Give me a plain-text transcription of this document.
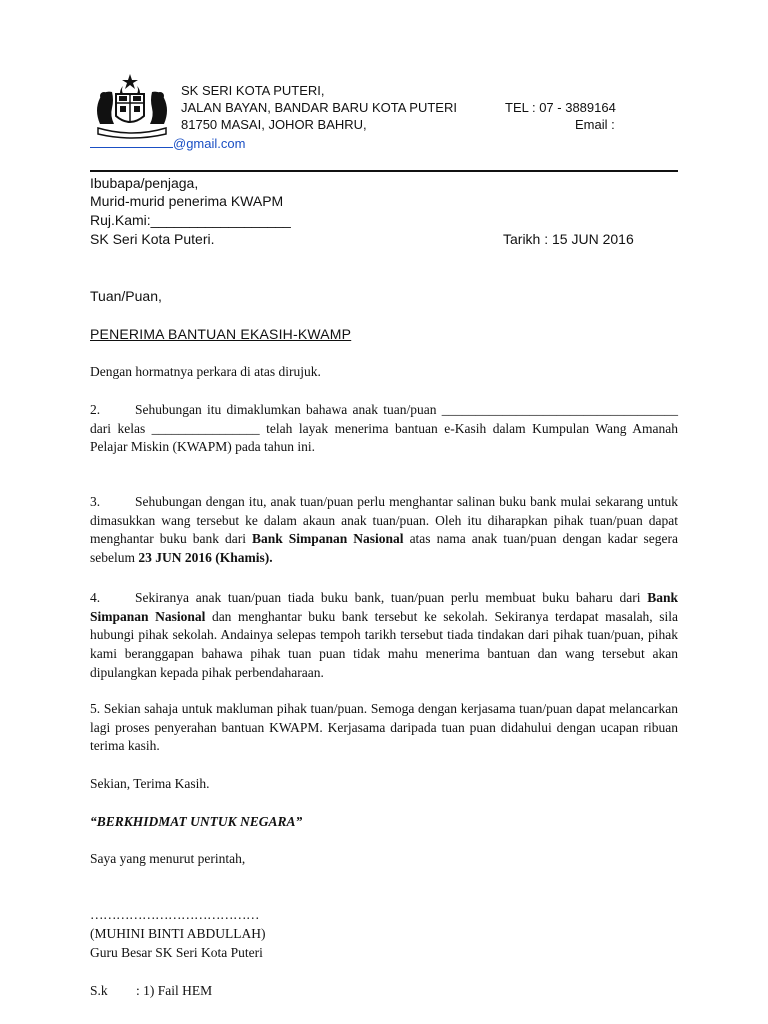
SK SERI KOTA PUTERI,
JALAN BAYAN, BANDAR BARU KOTA PUTERI	TEL : 07 - 3889164
81750 MASAI, JOHOR BAHRU,	Email :
@gmail.com
Ibubapa/penjaga,
Murid-murid penerima KWAPM
Ruj.Kami:__________________
SK Seri Kota Puteri.	Tarikh : 15 JUN 2016
Tuan/Puan,
PENERIMA BANTUAN EKASIH-KWAMP
Dengan hormatnya perkara di atas dirujuk.
2.	Sehubungan itu dimaklumkan bahawa anak tuan/puan ___________________________________ dari kelas ________________ telah layak menerima bantuan e-Kasih dalam Kumpulan Wang Amanah Pelajar Miskin (KWAPM) pada tahun ini.
3.	Sehubungan dengan itu, anak tuan/puan perlu menghantar salinan buku bank mulai sekarang untuk dimasukkan wang tersebut ke dalam akaun anak tuan/puan. Oleh itu diharapkan pihak tuan/puan dapat menghantar buku bank dari Bank Simpanan Nasional atas nama anak tuan/puan dengan kadar segera sebelum 23 JUN 2016 (Khamis).
4.	Sekiranya anak tuan/puan tiada buku bank, tuan/puan perlu membuat buku baharu dari Bank Simpanan Nasional dan menghantar buku bank tersebut ke sekolah. Sekiranya terdapat masalah, sila hubungi pihak sekolah. Andainya selepas tempoh tarikh tersebut tiada tindakan dari pihak tuan/puan, pihak kami beranggapan bahawa pihak tuan puan tidak mahu menerima bantuan dan wang tersebut akan dipulangkan kepada pihak perbendaharaan.
5. Sekian sahaja untuk makluman pihak tuan/puan. Semoga dengan kerjasama tuan/puan dapat melancarkan lagi proses penyerahan bantuan KWAPM. Kerjasama daripada tuan puan didahului dengan ucapan ribuan terima kasih.
Sekian, Terima Kasih.
“BERKHIDMAT UNTUK NEGARA”
Saya yang menurut perintah,
…………………………………
(MUHINI BINTI ABDULLAH)
Guru Besar SK Seri Kota Puteri
S.k : 1) Fail HEM
